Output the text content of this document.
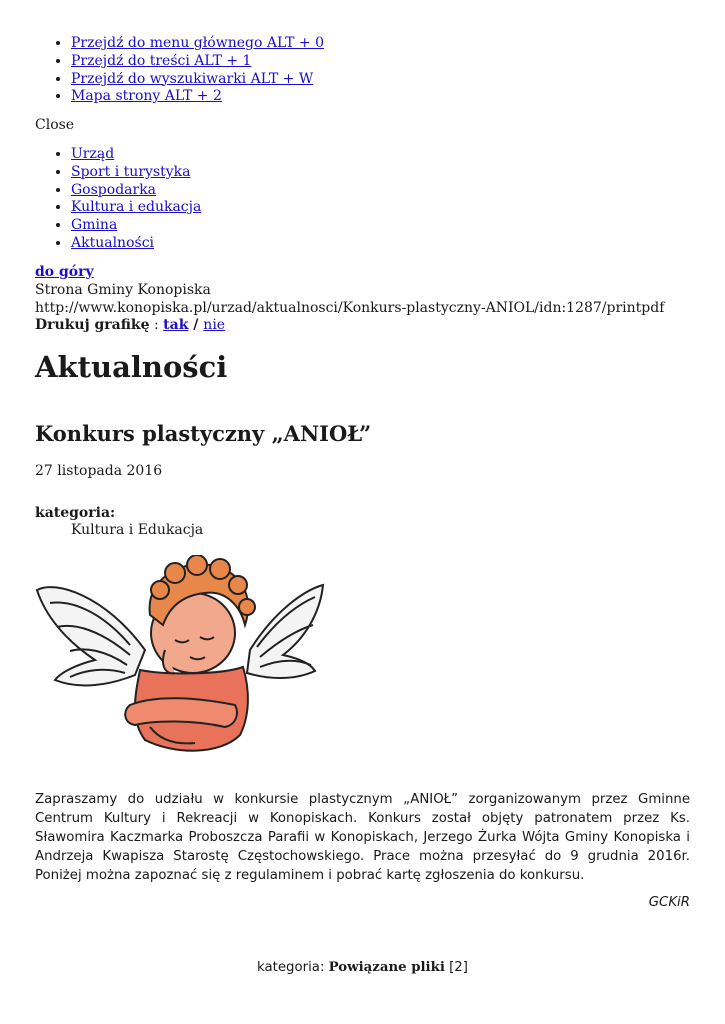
• Przejdź do menu głównego ALT + 0
• Przejdź do treści ALT + 1
• Przejdź do wyszukiwarki ALT + W
• Mapa strony ALT + 2
Close
• Urząd
• Sport i turystyka
• Gospodarka
• Kultura i edukacja
• Gmina
• Aktualności
do góry
Strona Gminy Konopiska
http://www.konopiska.pl/urzad/aktualnosci/Konkurs-plastyczny-ANIOL/idn:1287/printpdf
Drukuj grafikę : tak / nie
Aktualności
Konkurs plastyczny „ANIOŁ”
27 listopada 2016
kategoria:
Kultura i Edukacja

Zapraszamy do udziału w konkursie plastycznym „ANIOŁ” zorganizowanym przez Gminne Centrum Kultury i Rekreacji w Konopiskach. Konkurs został objęty patronatem przez Ks. Sławomira Kaczmarka Proboszcza Parafii w Konopiskach, Jerzego Żurka Wójta Gminy Konopiska i Andrzeja Kwapisza Starostę Częstochowskiego. Prace można przesyłać do 9 grudnia 2016r. Poniżej można zapoznać się z regulaminem i pobrać kartę zgłoszenia do konkursu.

GCKiR
kategoria: Powiązane pliki [2]
